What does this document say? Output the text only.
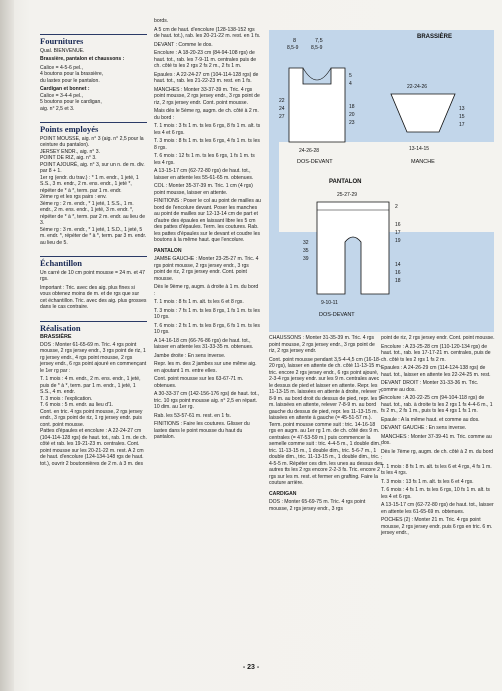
Fournitures

Qual. BIENVENUE.

Brassière, pantalon et chaussons :

Calice = 4-5-6 pel.,

4 boutons pour la brassière,

du lastex pour le pantalon.

Cardigan et bonnet :

Calice = 3-4-4 pel.,

5 boutons pour le cardigan,

aig. n° 2,5 et 3.

Points employés

POINT MOUSSE, aig. n° 3 (aig. n° 2,5 pour la ceinture du pantalon).

JERSEY ENDR., aig. n° 3.

POINT DE RIZ, aig. n° 3.

POINT AJOURÉ, aig. n° 3, sur un n. de m. div. par 8 + 1.

1er rg (endr. du trav.) : * 1 m. endr., 1 jeté, 1 S.S., 3 m. endr., 2 m. ens. endr., 1 jeté *, répéter de * à *, term. par 1 m. endr.

2ème rg et les rgs pairs : env.

3ème rg : 2 m. endr., * 1 jeté, 1 S.S., 1 m. endr., 2 m. ens. endr., 1 jeté, 3 m. endr. *, répéter de * à *, term. par 2 m. endr. au lieu de 3.

5ème rg : 3 m. endr., * 1 jeté, 1 S.D., 1 jeté, 5 m. endr. *, répéter de * à *, term. par 3 m. endr. au lieu de 5.

Échantillon

Un carré de 10 cm point mousse = 24 m. et 47 rgs.

Important : Tric. avec des aig. plus fines si vous obtenez moins de m. et de rgs que sur cet échantillon. Tric. avec des aig. plus grosses dans le cas contraire.

Réalisation
BRASSIÈRE

DOS : Monter 61-65-69 m. Tric. 4 rgs point mousse, 2 rgs jersey endr., 3 rgs point de riz, 1 rg jersey endr., 4 rgs point mousse, 2 rgs jersey endr., 6 rgs point ajouré en commençant le 1er rg par :

T. 1 mois : 4 m. endr., 2 m. ens. endr., 1 jeté, puis de * à *, term. par 1 m. endr., 1 jeté, 1 S.S., 4 m. endr.

T. 3 mois : l'explication.

T. 6 mois : 5 m. endr. au lieu d'1.

Cont. en tric. 4 rgs point mousse, 2 rgs jersey endr., 3 rgs point de riz, 1 rg jersey endr. puis cont. point mousse.

Pattes d'épaules et encolure : A 22-24-27 cm (104-114-128 rgs) de haut. tot., rab. 1 m. de ch. côté et rab. les 19-21-23 m. centrales. Cont. point mousse sur les 20-21-22 m. rest. A 2 cm de haut. d'encolure (124-134-148 rgs de haut. tot.), ouvrir 2 boutonnières de 2 m. à 3 m. des

bords.

A 5 cm de haut. d'encolure (128-138-152 rgs de haut. tot.), rab. les 20-21-22 m. rest. en 1 fs.

DEVANT : Comme le dos.

Encolure : A 18-20-23 cm (84-94-108 rgs) de haut. tot., rab. les 7-9-11 m. centrales puis de ch. côté ts les 2 rgs 2 fs 2 m., 2 fs 1 m.

Epaules : A 22-24-27 cm (104-114-128 rgs) de haut. tot., rab. les 21-22-23 m. rest. en 1 fs.

MANCHES : Monter 33-37-39 m. Tric. 4 rgs point mousse, 2 rgs jersey endr., 3 rgs point de riz, 2 rgs jersey endr. Cont. point mousse.

Mais dès le 5ème rg, augm. de ch. côté à 2 m. du bord :

T. 1 mois : 3 fs 1 m. ts les 6 rgs, 8 fs 1 m. alt. ts les 4 et 6 rgs.

T. 3 mois : 8 fs 1 m. ts les 6 rgs, 4 fs 1 m. ts les 8 rgs.

T. 6 mois : 12 fs 1 m. ts les 6 rgs, 1 fs 1 m. ts les 4 rgs.

A 13-15-17 cm (62-72-80 rgs) de haut. tot., laisser en attente les 55-61-65 m. obtenues.

COL : Monter 35-37-39 m. Tric. 1 cm (4 rgs) point mousse, laisser en attente.

FINITIONS : Poser le col au point de mailles au bord de l'encolure devant. Poser les manches au point de mailles sur 12-13-14 cm de part et d'autre des épaules en laissant libre les 5 cm des pattes d'épaules. Term. les coutures. Rab. les pattes d'épaules sur le devant et coudre les boutons à la même haut. que l'encolure.

PANTALON

JAMBE GAUCHE : Monter 23-25-27 m. Tric. 4 rgs point mousse, 2 rgs jersey endr., 3 rgs point de riz, 2 rgs jersey endr. Cont. point mousse.

Dès le 9ème rg, augm. à droite à 1 m. du bord :

T. 1 mois : 8 fs 1 m. alt. ts les 6 et 8 rgs.

T. 3 mois : 7 fs 1 m. ts les 8 rgs, 1 fs 1 m. ts les 10 rgs.

T. 6 mois : 2 fs 1 m. ts les 8 rgs, 6 fs 1 m. ts les 10 rgs.

A 14-16-18 cm (66-76-86 rgs) de haut. tot., laisser en attente les 31-33-35 m. obtenues.

Jambe droite : En sens inverse.

Repr. les m. des 2 jambes sur une même aig. en ajoutant 1 m. entre elles.

Cont. point mousse sur les 63-67-71 m. obtenues.

A 30-33-37 cm (142-156-176 rgs) de haut. tot., tric. 10 rgs point mousse aig. n° 2,5 en répart. 10 dim. au 1er rg.

Rab. les 53-57-61 m. rest. en 1 fs.

FINITIONS : Faire les coutures. Glisser du lastex dans le point mousse du haut du pantalon.

BRASSIÈRE
8
8,5-9
7,5
8,5-9
5
4
18
20
23
22
24
27
24-26-28
DOS-DEVANT
22-24-26
13
15
17
13-14-15
MANCHE
PANTALON
25-27-29
2
16
17
19
14
16
18
32
35
39
9-10-11
DOS-DEVANT

CHAUSSONS : Monter 31-35-39 m. Tric. 4 rgs point mousse, 2 rgs jersey endr., 3 rgs point de riz, 2 rgs jersey endr.

Cont. point mousse pendant 3,5-4-4,5 cm (16-18-20 rgs), laisser en attente de ch. côté 11-13-15 m., tric. encore 2 rgs jersey endr., 6 rgs point ajouré, 2-3-4 rgs jersey endr. sur les 9 m. centrales avec le dessus de pied et laisser en attente. Repr. les 11-13-15 m. laissées en attente à droite, relever 7-8-9 m. au bord droit du dessus de pied, repr. les 9 m. laissées en attente, relever 7-8-9 m. au bord gauche du dessus de pied, repr. les 11-13-15 m. laissées en attente à gauche (= 45-51-57 m.). Term. point mousse comme suit : tric. 14-16-18 rgs en augm. au 1er rg 1 m. de ch. côté des 9 m. centrales (= 47-53-59 m.) puis commencer la semelle comme suit : tric. 4-4-5 m., 1 double dim., tric. 11-13-15 m., 1 double dim., tric. 5-6-7 m., 1 double dim., tric. 11-13-15 m., 1 double dim., tric. 4-5-5 m. Répéter ces dim. les unes au dessus des autres tts les 2 rgs encore 2-2-3 fs. Tric. encore 2 rgs sur les m. rest. et fermer en grafting. Faire la couture arrière.

CARDIGAN

DOS : Monter 65-69-75 m. Tric. 4 rgs point mousse, 2 rgs jersey endr., 3 rgs

point de riz, 2 rgs jersey endr. Cont. point mousse.

Encolure : A 23-25-28 cm (110-120-134 rgs) de haut. tot., rab. les 17-17-21 m. centrales, puis de ch. côté ts les 2 rgs 1 fs 2 m.

Epaules : A 24-26-29 cm (114-124-138 rgs) de haut. tot., laisser en attente les 22-24-25 m. rest.

DEVANT DROIT : Monter 31-33-36 m. Tric. comme au dos.

Encolure : A 20-22-25 cm (94-104-118 rgs) de haut. tot., rab. à droite ts les 2 rgs 1 fs 4-4-6 m., 1 fs 2 m., 2 fs 1 m., puis ts les 4 rgs 1 fs 1 m.

Epaule : A la même haut. et comme au dos.

DEVANT GAUCHE : En sens inverse.

MANCHES : Monter 37-39-41 m. Tric. comme au dos.

Dès le 7ème rg, augm. de ch. côté à 2 m. du bord :

T. 1 mois : 8 fs 1 m. alt. ts les 6 et 4 rgs, 4 fs 1 m. ts les 4 rgs.

T. 3 mois : 13 fs 1 m. alt. ts les 6 et 4 rgs.

T. 6 mois : 4 fs 1 m. ts les 6 rgs, 10 fs 1 m. alt. ts les 4 et 6 rgs.

A 13-15-17 cm (62-72-80 rgs) de haut. tot., laisser en attente les 61-65-69 m. obtenues.

POCHES (2) : Monter 21 m. Tric. 4 rgs point mousse, 2 rgs jersey endr. puis 6 rgs en tric. 6 m. jersey endr.,

- 23 -
